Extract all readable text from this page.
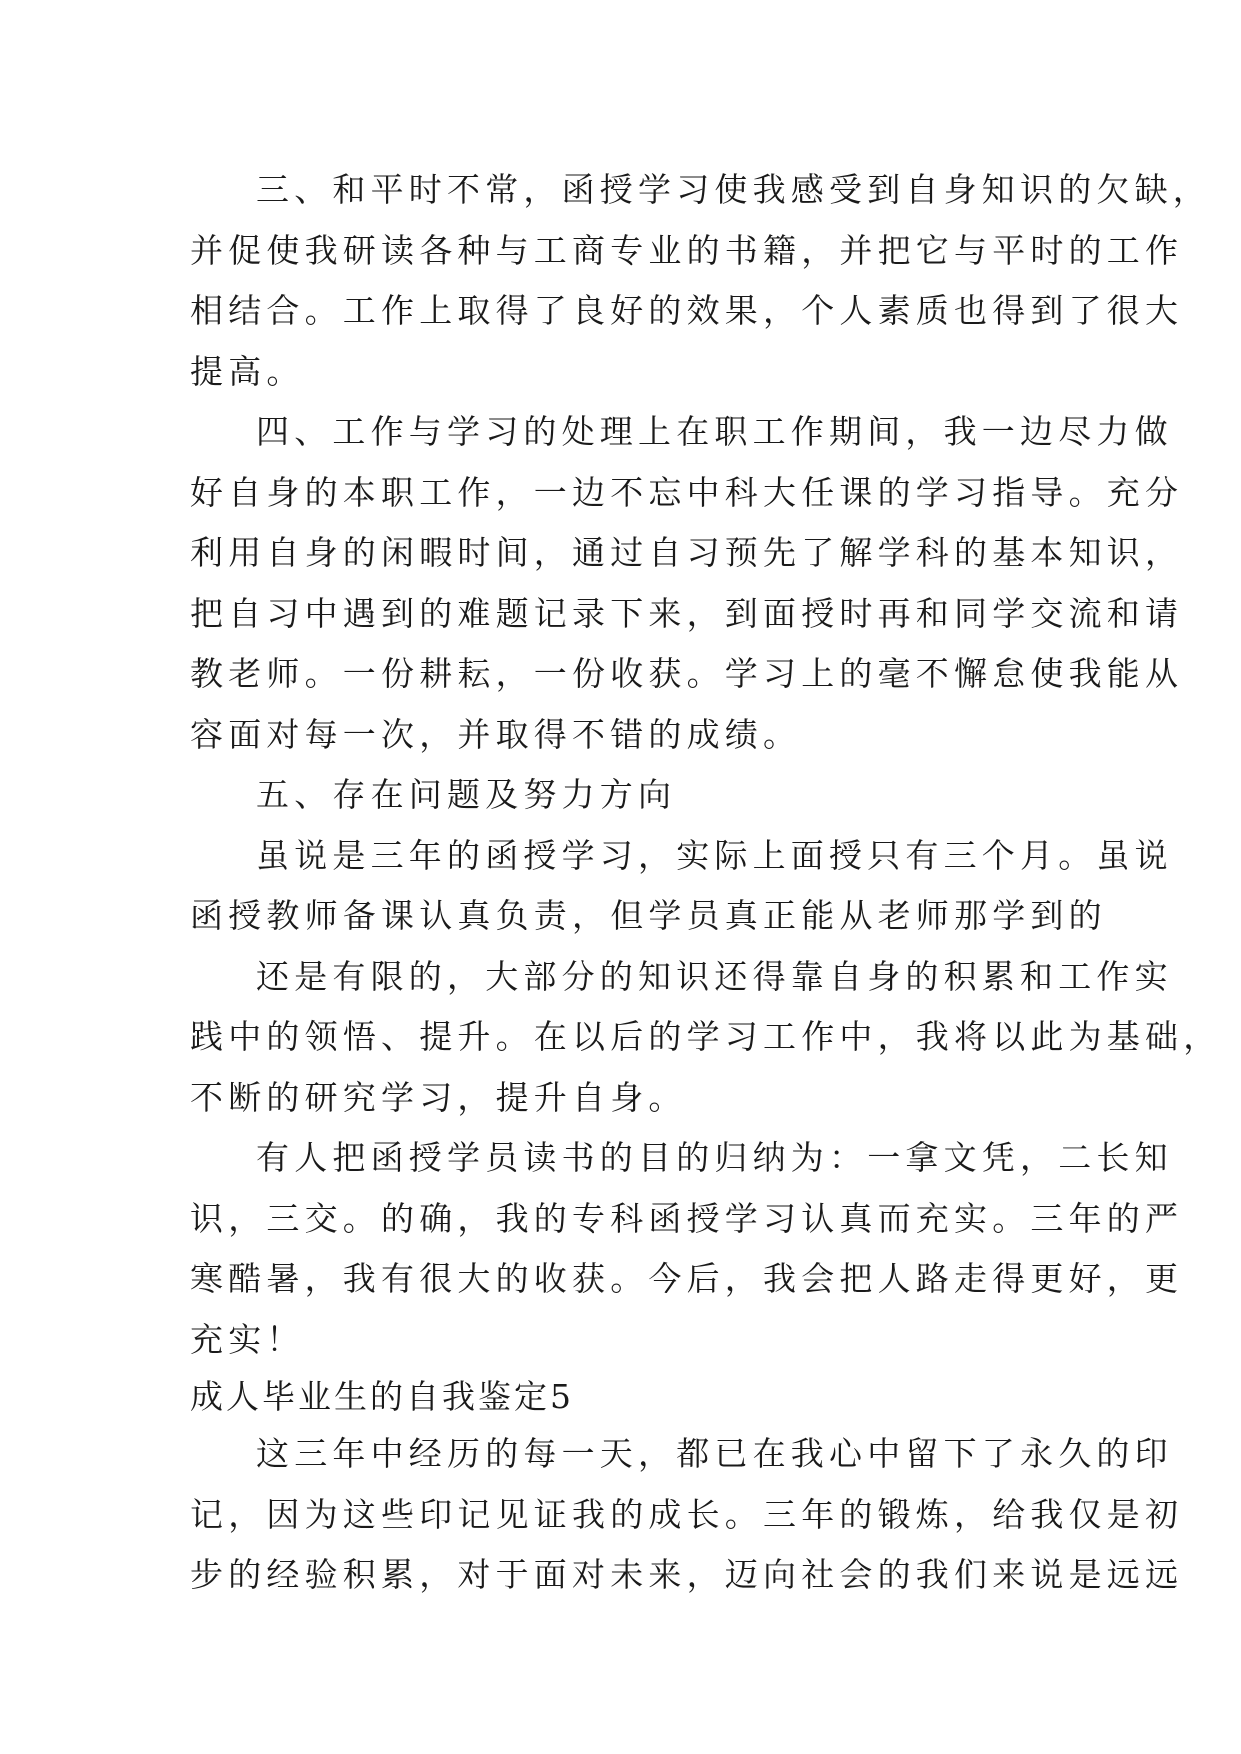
三、和平时不常，函授学习使我感受到自身知识的欠缺，
并促使我研读各种与工商专业的书籍，并把它与平时的工作
相结合。工作上取得了良好的效果，个人素质也得到了很大
提高。
四、工作与学习的处理上在职工作期间，我一边尽力做
好自身的本职工作，一边不忘中科大任课的学习指导。充分
利用自身的闲暇时间，通过自习预先了解学科的基本知识，
把自习中遇到的难题记录下来，到面授时再和同学交流和请
教老师。一份耕耘，一份收获。学习上的毫不懈怠使我能从
容面对每一次，并取得不错的成绩。
五、存在问题及努力方向
虽说是三年的函授学习，实际上面授只有三个月。虽说
函授教师备课认真负责，但学员真正能从老师那学到的
还是有限的，大部分的知识还得靠自身的积累和工作实
践中的领悟、提升。在以后的学习工作中，我将以此为基础，
不断的研究学习，提升自身。
有人把函授学员读书的目的归纳为：一拿文凭，二长知
识，三交。的确，我的专科函授学习认真而充实。三年的严
寒酷暑，我有很大的收获。今后，我会把人路走得更好，更
充实！
成人毕业生的自我鉴定5
这三年中经历的每一天，都已在我心中留下了永久的印
记，因为这些印记见证我的成长。三年的锻炼，给我仅是初
步的经验积累，对于面对未来，迈向社会的我们来说是远远
